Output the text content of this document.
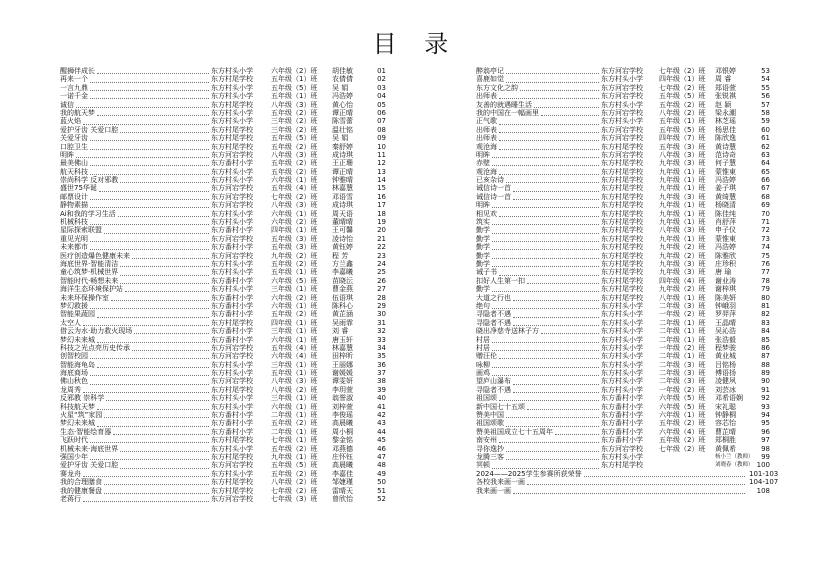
目 录
醒狮伴成长	东方村头小学	六年级（2）班	胡佳敏	01
再来一个	东方村尾学校	五年级（1）班	农倩倩	02
一言九鼎	东方村头小学	五年级（5）班	吴 娟	03
一诺千金	东方村头小学	五年级（1）班	冯浩婷	04
诚信	东方村尾学校	八年级（3）班	黄心怡	05
我的航天梦	东方村头小学	五年级（2）班	谭正晴	06
蓝火焰	东方村头小学	三年级（2）班	陈雪蕾	07
爱护牙齿 关爱口腔	东方村尾学校	三年级（2）班	温壮铭	08
关爱牙齿	东方村尾学校	五年级（5）班	吴 娟	09
口腔卫生	东方村尾学校	五年级（2）班	秦舒婷	10
明眸	东方河宕学校	八年级（3）班	成诗琪	11
最美佛山	东方番村小学	五年级（2）班	王正珊	12
航天科技	东方村头小学	五年级（2）班	谭正晴	13
崇尚科学 反对邪教	东方村头小学	六年级（1）班	钟雅晴	14
盛世75华诞	东方河宕学校	五年级（4）班	林嘉慧	15
邮票设计	东方河宕学校	七年级（2）班	邓语雪	16
静物素描	东方河宕学校	八年级（3）班	成诗琪	17
Ai和我的学习生活	东方村头小学	六年级（1）班	周天语	18
机械科技	东方村头小学	六年级（2）班	董晴晴	19
星际探索联盟	东方番村小学	四年级（1）班	王可馨	20
重见光明	东方河宕学校	五年级（3）班	凌诗怡	21
未来都市	东方番村小学	五年级（3）班	黄钰婷	22
医疗创造爆色健康未来	东方河宕学校	九年级（2）班	程 芳	23
海底世界·智能清洁	东方村头小学	五年级（2）班	方兰鑫	24
童心筑梦·机械世界	东方村头小学	五年级（1）班	李嘉曦	25
智能时代·畅想未来	东方番村小学	六年级（5）班	苗晓沄	26
海洋生态环境保护站	东方村头小学	三年级（1）班	曹金燕	27
未来环保操作室	东方番村小学	六年级（2）班	伍语琪	28
梦幻救援	东方番村小学	六年级（1）班	陈科心	29
智能果蔬园	东方番村小学	五年级（2）班	黄芷涵	30
太空人	东方村尾学校	四年级（1）班	吴雨霏	31
借云为水·助力救火现场	东方番村小学	三年级（1）班	刘 睿	32
梦幻未来城	东方番村小学	六年级（1）班	唐玉轩	33
科技之光点亮历史传承	东方河宕学校	五年级（4）班	林嘉慧	34
创智校园	东方河宕学校	六年级（4）班	田梓昕	35
智能海龟岛	东方村头小学	三年级（1）班	王丽娜	36
海底商场	东方村头小学	五年级（1）班	谢媛媛	37
佛山秋色	东方河宕学校	八年级（3）班	谭雯妍	38
龙周秀	东方村尾学校	八年级（2）班	李玥萱	39
反邪教 崇科学	东方村头小学	三年级（1）班	翁誉淑	40
科技航天梦	东方村头小学	六年级（1）班	刘梓萱	41
火星“筑”家园	东方番村小学	二年级（1）班	李俊瑶	42
梦幻未来城	东方番村小学	五年级（2）班	高晨曦	43
生态·智能绘育器	东方番村小学	二年级（1）班	周小桐	44
飞跃时代	东方村尾学校	七年级（1）班	黎金铭	45
机械未来·海底世界	东方村头小学	五年级（2）班	邓燕德	46
强国少年	东方村尾学校	九年级（1）班	庄怀钰	47
爱护牙齿 关爱口腔	东方河宕学校	五年级（5）班	高晨曦	48
赛龙舟	东方村头小学	五年级（2）班	李嘉佳	49
我的合理膳食	东方村尾学校	八年级（2）班	邹婕瑾	50
我的健康餐盘	东方村尾学校	七年级（2）班	雷晴天	51
老蒋行	东方河宕学校	七年级（3）班	曾欣怡	52
醉翁亭记	东方河宕学校	七年级（2）班	邓银婷	53
喜鹿如觉	东方村头小学	四年级（1）班	周 睿	54
东方文化之韵	东方河宕学校	七年级（2）班	郑语萱	55
出师表	东方河宕学校	五年级（5）班	张锐祺	56
友善的就遇睡生活	东方村头小学	五年级（2）班	赵 颖	57
我的中国在一幅画里	东方河宕学校	八年级（2）班	梁永潮	58
正气歌	东方村头小学	五年级（1）班	林芝瑶	59
出师表	东方河宕学校	五年级（5）班	杨思佳	60
出师表	东方河宕学校	四年级（7）班	陈欣逸	61
观沧海	东方村尾学校	五年级（3）班	黄诗慧	62
明眸	东方河宕学校	八年级（3）班	范诗奇	63
赤壁	东方村尾学校	九年级（3）班	何子慧	64
观沧海	东方村尾学校	九年级（1）班	蒙惟東	65
已亥杂诗	东方村尾学校	九年级（1）班	冯浩婷	66
诫信诗一首	东方村尾学校	九年级（1）班	姜子琪	67
诫信诗一首	东方村尾学校	九年级（3）班	黄绮慧	68
明眸	东方村尾学校	九年级（1）班	杨晓清	69
相见欢	东方村尾学校	九年级（1）班	陈佳纯	70
筑实	东方村尾学校	九年级（1）班	肖舒萍	71
勤学	东方村尾学校	八年级（3）班	申子仪	72
勤学	东方村尾学校	九年级（1）班	蒙惟東	73
勤学	东方村尾学校	九年级（2）班	冯浩婷	74
勤学	东方村尾学校	九年级（2）班	陈雅欣	75
勤学	东方村尾学校	九年级（3）班	庄珍积	76
诫子书	东方村尾学校	九年级（3）班	唐 瑜	77
扣好人生第一扣	东方村尾学校	四年级（4）班	谢业涛	78
勤学	东方村尾学校	九年级（2）班	谢梓琪	79
大道之行也	东方村尾学校	八年级（1）班	陈美妍	80
绝句	东方村头小学	二年级（3）班	钟峨羽	81
寻隐者不遇	东方村头小学	一年级（2）班	罗羿萍	82
寻隐者不遇	东方村头小学	二年级（1）班	王晶晴	83
晓出净慈寺送林子方	东方村头小学	二年级（1）班	吴沁浩	84
村居	东方村头小学	二年级（1）班	张浩毅	85
村居	东方村头小学	一年级（2）班	程梦骏	86
赠汪伦	东方村头小学	二年级（1）班	黄业城	87
咏柳	东方村头小学	二年级（3）班	吕铭杨	88
画鸡	东方村头小学	二年级（3）班	傅语扬	89
望庐山瀑布	东方村头小学	二年级（3）班	凌健夙	90
寻隐者不遇	东方村头小学	一年级（2）班	刘芸冰	91
祖国颂	东方番村小学	六年级（5）班	邓希语娴	92
新中国七十五颂	东方番村小学	六年级（5）班	宋礼聪	93
赞美中国	东方番村小学	六年级（1）班	钟静桐	94
祖国颂歌	东方番村小学	五年级（2）班	容芯怡	95
赞美祖国成立七十五周年	东方番村小学	六年级（4）班	曹芷晴	96
南安州	东方番村小学	五年级（2）班	郑桐胜	97
寻你逸抄	东方河宕学校	七年级（2）班	黄佩希	98
龙腾三客	东方村头小学	杨小兰（教师）	99
冥顿	东方村尾学校	刘晓春（教师） 100
2024——2025学生参赛所获荣誉	101-103
各校我来画一画	104-107
我来画一画	108
